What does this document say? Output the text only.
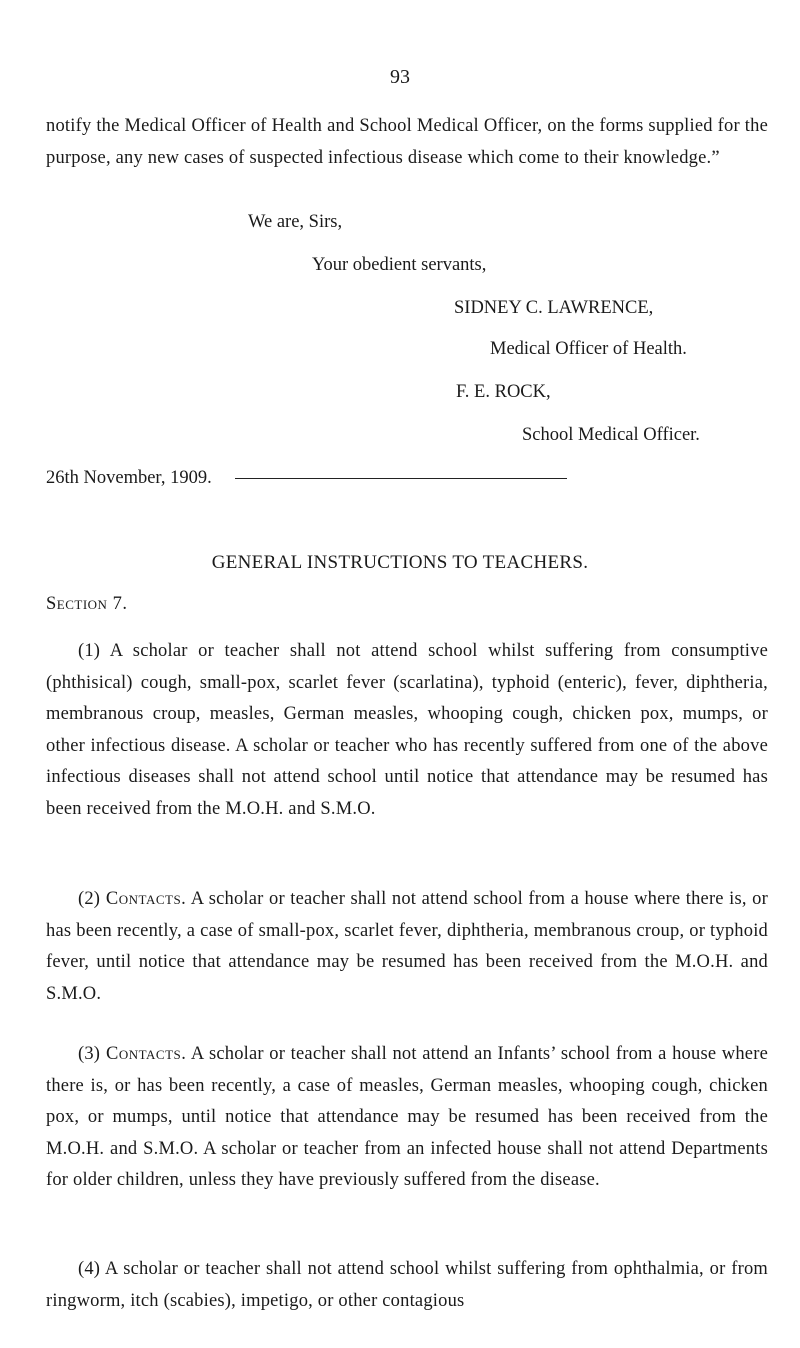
93

notify the Medical Officer of Health and School Medical Officer, on the forms supplied for the purpose, any new cases of suspected infectious disease which come to their knowledge.”

We are, Sirs,
Your obedient servants,
SIDNEY C. LAWRENCE,
Medical Officer of Health.
F. E. ROCK,
School Medical Officer.
26th November, 1909.
GENERAL INSTRUCTIONS TO TEACHERS.
Section 7.

(1) A scholar or teacher shall not attend school whilst suffering from consumptive (phthisical) cough, small-pox, scarlet fever (scarlatina), typhoid (enteric), fever, diphtheria, membranous croup, measles, German measles, whooping cough, chicken pox, mumps, or other infectious disease. A scholar or teacher who has recently suffered from one of the above infectious diseases shall not attend school until notice that attendance may be resumed has been received from the M.O.H. and S.M.O.

(2) Contacts. A scholar or teacher shall not attend school from a house where there is, or has been recently, a case of small-pox, scarlet fever, diphtheria, membranous croup, or typhoid fever, until notice that attendance may be resumed has been received from the M.O.H. and S.M.O.

(3) Contacts. A scholar or teacher shall not attend an Infants’ school from a house where there is, or has been recently, a case of measles, German measles, whooping cough, chicken pox, or mumps, until notice that attendance may be resumed has been received from the M.O.H. and S.M.O. A scholar or teacher from an infected house shall not attend Departments for older children, unless they have previously suffered from the disease.

(4) A scholar or teacher shall not attend school whilst suffering from ophthalmia, or from ringworm, itch (scabies), impetigo, or other contagious
